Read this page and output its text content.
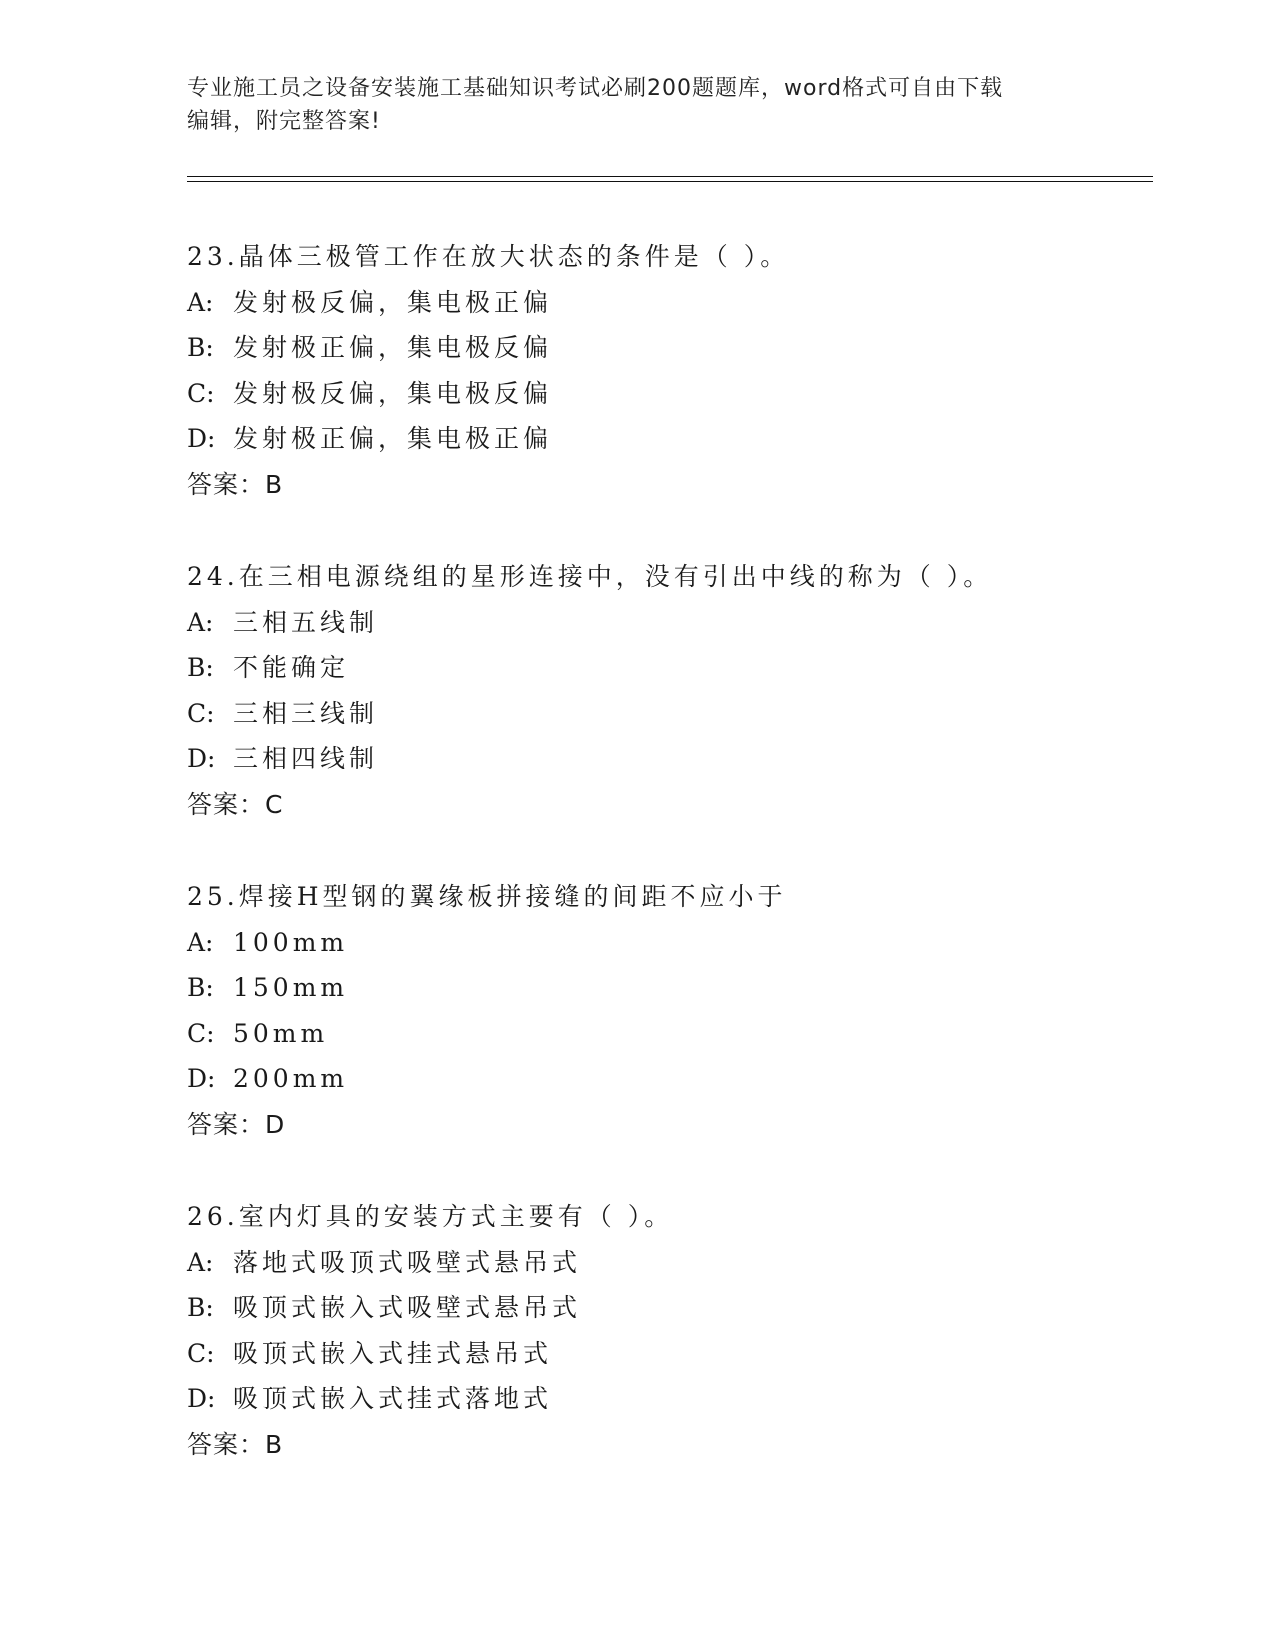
专业施工员之设备安装施工基础知识考试必刷200题题库，word格式可自由下载
编辑，附完整答案!
23.晶体三极管工作在放大状态的条件是（ ）。
A: 发射极反偏，集电极正偏
B: 发射极正偏，集电极反偏
C: 发射极反偏，集电极反偏
D: 发射极正偏，集电极正偏
答案：B
24.在三相电源绕组的星形连接中，没有引出中线的称为（ ）。
A: 三相五线制
B: 不能确定
C: 三相三线制
D: 三相四线制
答案：C
25.焊接H型钢的翼缘板拼接缝的间距不应小于
A: 100mm
B: 150mm
C: 50mm
D: 200mm
答案：D
26.室内灯具的安装方式主要有（ ）。
A: 落地式吸顶式吸壁式悬吊式
B: 吸顶式嵌入式吸壁式悬吊式
C: 吸顶式嵌入式挂式悬吊式
D: 吸顶式嵌入式挂式落地式
答案：B
